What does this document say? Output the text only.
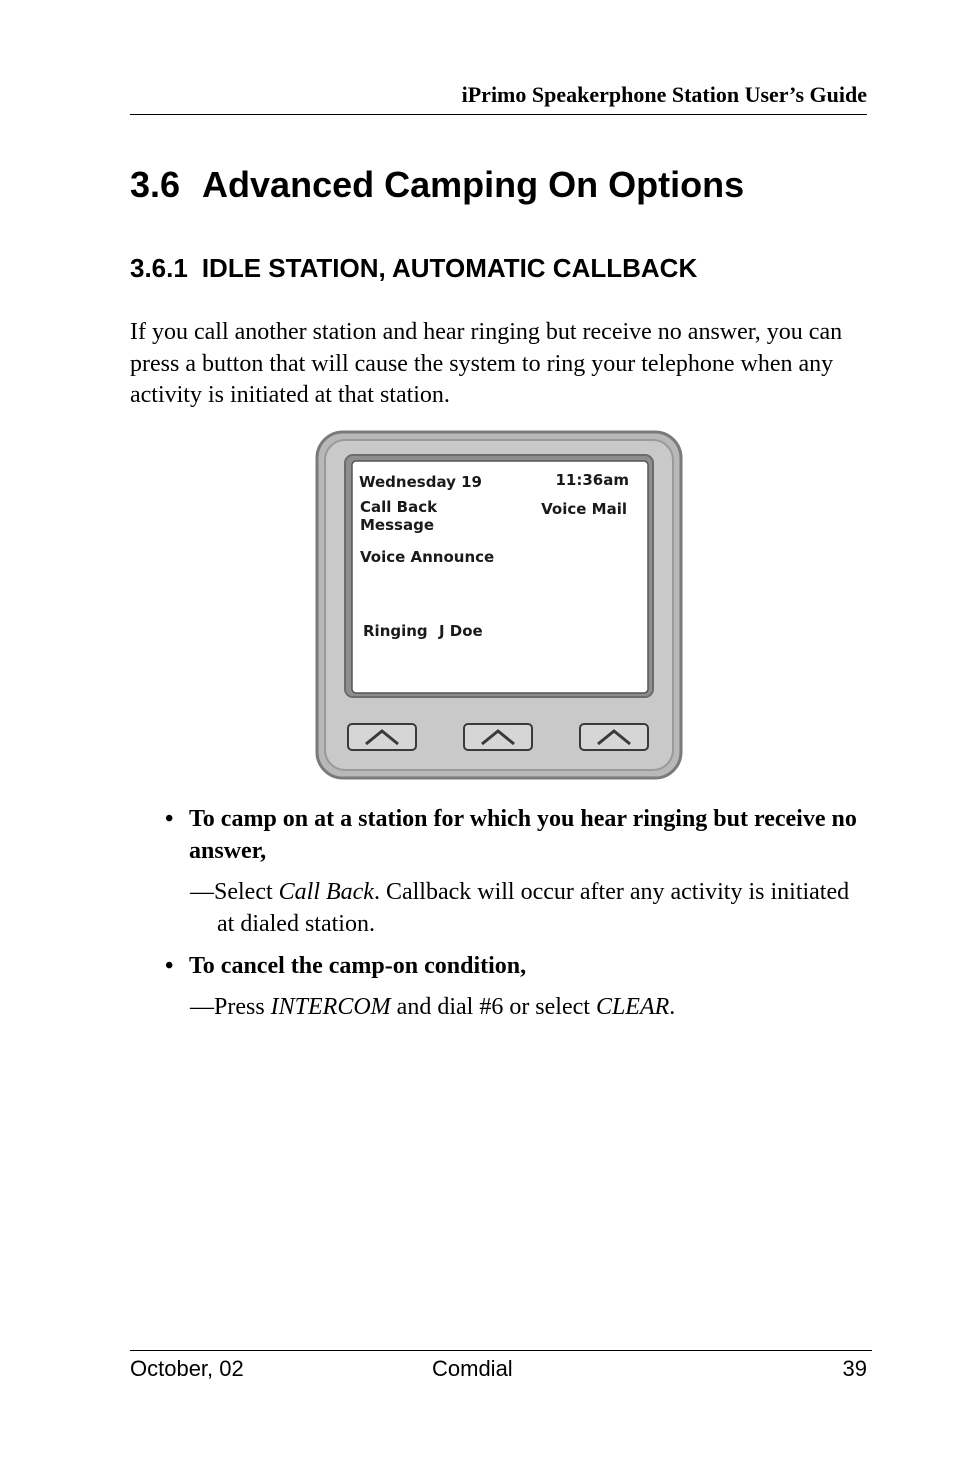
iPrimo Speakerphone Station User’s Guide
3.6 Advanced Camping On Options
3.6.1 IDLE STATION, AUTOMATIC CALLBACK

If you call another station and hear ringing but receive no answer, you can press a button that will cause the system to ring your telephone when any activity is initiated at that station.

Wednesday 19	11:36am
Call Back
Message
Voice Mail
Voice Announce
Ringing J Doe

• To camp on at a station for which you hear ringing but receive no answer,

—Select Call Back. Callback will occur after any activity is initiated at dialed station.

• To cancel the camp-on condition,

—Press INTERCOM and dial #6 or select CLEAR.

October, 02	Comdial	39
